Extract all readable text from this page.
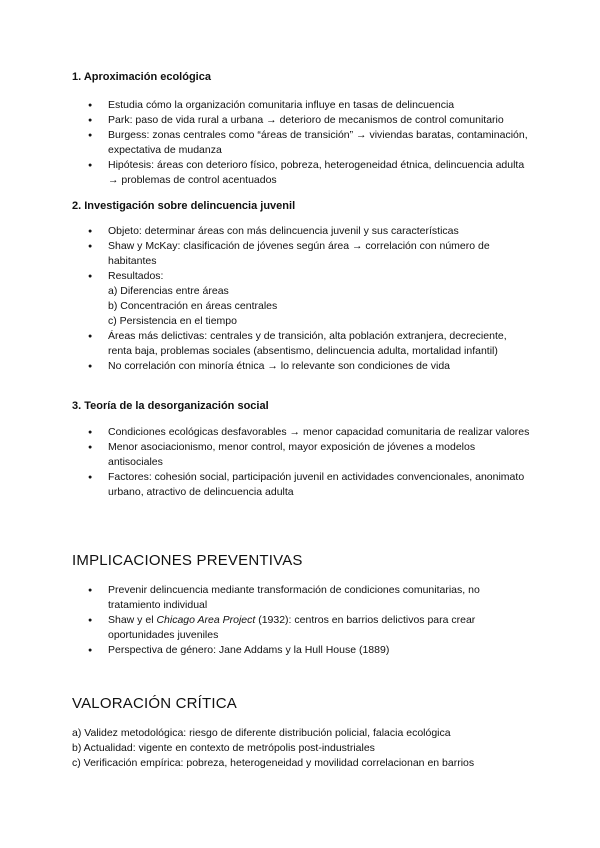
1. Aproximación ecológica
● Estudia cómo la organización comunitaria influye en tasas de delincuencia
● Park: paso de vida rural a urbana → deterioro de mecanismos de control comunitario
● Burgess: zonas centrales como “áreas de transición” → viviendas baratas, contaminación, expectativa de mudanza
● Hipótesis: áreas con deterioro físico, pobreza, heterogeneidad étnica, delincuencia adulta → problemas de control acentuados
2. Investigación sobre delincuencia juvenil
● Objeto: determinar áreas con más delincuencia juvenil y sus características
● Shaw y McKay: clasificación de jóvenes según área → correlación con número de habitantes
● Resultados:
a) Diferencias entre áreas
b) Concentración en áreas centrales
c) Persistencia en el tiempo
● Áreas más delictivas: centrales y de transición, alta población extranjera, decreciente, renta baja, problemas sociales (absentismo, delincuencia adulta, mortalidad infantil)
● No correlación con minoría étnica → lo relevante son condiciones de vida
3. Teoría de la desorganización social
● Condiciones ecológicas desfavorables → menor capacidad comunitaria de realizar valores
● Menor asociacionismo, menor control, mayor exposición de jóvenes a modelos antisociales
● Factores: cohesión social, participación juvenil en actividades convencionales, anonimato urbano, atractivo de delincuencia adulta
IMPLICACIONES PREVENTIVAS
● Prevenir delincuencia mediante transformación de condiciones comunitarias, no tratamiento individual
● Shaw y el Chicago Area Project (1932): centros en barrios delictivos para crear oportunidades juveniles
● Perspectiva de género: Jane Addams y la Hull House (1889)
VALORACIÓN CRÍTICA
a) Validez metodológica: riesgo de diferente distribución policial, falacia ecológica
b) Actualidad: vigente en contexto de metrópolis post-industriales
c) Verificación empírica: pobreza, heterogeneidad y movilidad correlacionan en barrios
